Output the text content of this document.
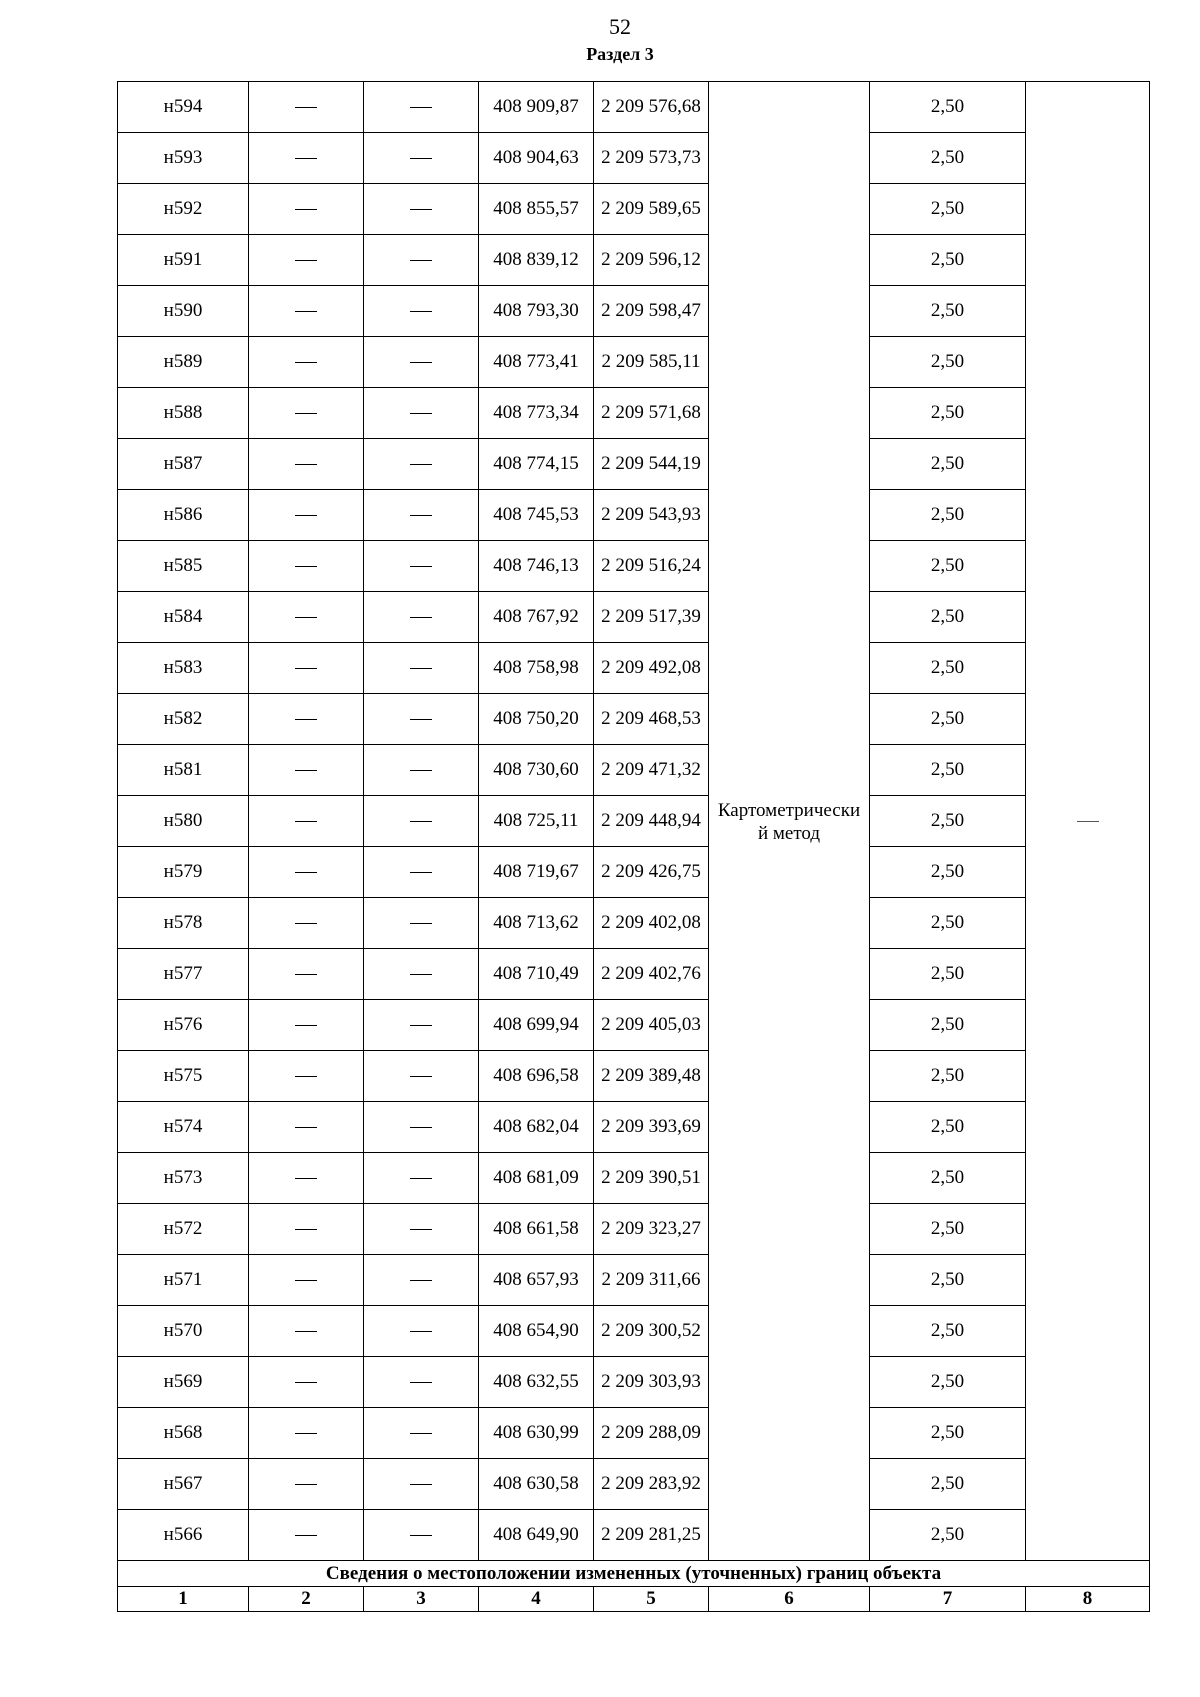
52
Раздел 3
н594			408 909,87	2 209 576,68	Картометрически
й метод	2,50	
н593			408 904,63	2 209 573,73		2,50	
н592			408 855,57	2 209 589,65		2,50	
н591			408 839,12	2 209 596,12		2,50	
н590			408 793,30	2 209 598,47		2,50	
н589			408 773,41	2 209 585,11		2,50	
н588			408 773,34	2 209 571,68		2,50	
н587			408 774,15	2 209 544,19		2,50	
н586			408 745,53	2 209 543,93		2,50	
н585			408 746,13	2 209 516,24		2,50	
н584			408 767,92	2 209 517,39		2,50	
н583			408 758,98	2 209 492,08		2,50	
н582			408 750,20	2 209 468,53		2,50	
н581			408 730,60	2 209 471,32		2,50	
н580			408 725,11	2 209 448,94		2,50	
н579			408 719,67	2 209 426,75		2,50	
н578			408 713,62	2 209 402,08		2,50	
н577			408 710,49	2 209 402,76		2,50	
н576			408 699,94	2 209 405,03		2,50	
н575			408 696,58	2 209 389,48		2,50	
н574			408 682,04	2 209 393,69		2,50	
н573			408 681,09	2 209 390,51		2,50	
н572			408 661,58	2 209 323,27		2,50	
н571			408 657,93	2 209 311,66		2,50	
н570			408 654,90	2 209 300,52		2,50	
н569			408 632,55	2 209 303,93		2,50	
н568			408 630,99	2 209 288,09		2,50	
н567			408 630,58	2 209 283,92		2,50	
н566			408 649,90	2 209 281,25		2,50	
Сведения о местоположении измененных (уточненных) границ объекта							
1	2	3	4	5	6	7	8
